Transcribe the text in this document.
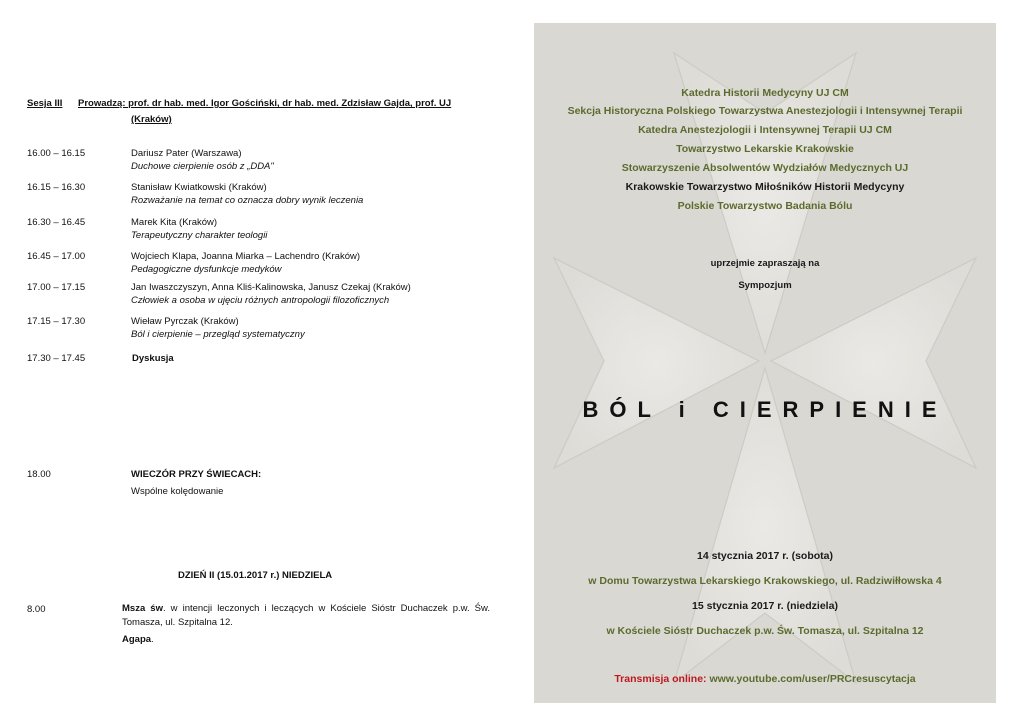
Sesja III Prowadzą: prof. dr hab. med. Igor Gościński, dr hab. med. Zdzisław Gajda, prof. UJ
(Kraków)
16.00 – 16.15	Dariusz Pater (Warszawa)
Duchowe cierpienie osób z „DDA"
16.15 – 16.30	Stanisław Kwiatkowski (Kraków)
Rozważanie na temat co oznacza dobry wynik leczenia
16.30 – 16.45	Marek Kita (Kraków)
Terapeutyczny charakter teologii
16.45 – 17.00	Wojciech Klapa, Joanna Miarka – Lachendro (Kraków)
Pedagogiczne dysfunkcje medyków
17.00 – 17.15	Jan Iwaszczyszyn, Anna Kliś-Kalinowska, Janusz Czekaj (Kraków)
Człowiek a osoba w ujęciu różnych antropologii filozoficznych
17.15 – 17.30	Wieław Pyrczak (Kraków)
Ból i cierpienie – przegląd systematyczny
17.30 – 17.45	Dyskusja
18.00	WIECZÓR PRZY ŚWIECACH:
Wspólne kolędowanie
DZIEŃ II (15.01.2017 r.) NIEDZIELA
8.00	Msza św. w intencji leczonych i leczących w Kościele Sióstr Duchaczek p.w. Św. Tomasza, ul. Szpitalna 12.
Agapa.
Katedra Historii Medycyny UJ CM
Sekcja Historyczna Polskiego Towarzystwa Anestezjologii i Intensywnej Terapii
Katedra Anestezjologii i Intensywnej Terapii UJ CM
Towarzystwo Lekarskie Krakowskie
Stowarzyszenie Absolwentów Wydziałów Medycznych UJ
Krakowskie Towarzystwo Miłośników Historii Medycyny
Polskie Towarzystwo Badania Bólu
uprzejmie zapraszają na
Sympozjum
BÓL i CIERPIENIE
14 stycznia 2017 r. (sobota)
w Domu Towarzystwa Lekarskiego Krakowskiego, ul. Radziwiłłowska 4
15 stycznia 2017 r. (niedziela)
w Kościele Sióstr Duchaczek p.w. Św. Tomasza, ul. Szpitalna 12
Transmisja online: www.youtube.com/user/PRCresuscytacja
